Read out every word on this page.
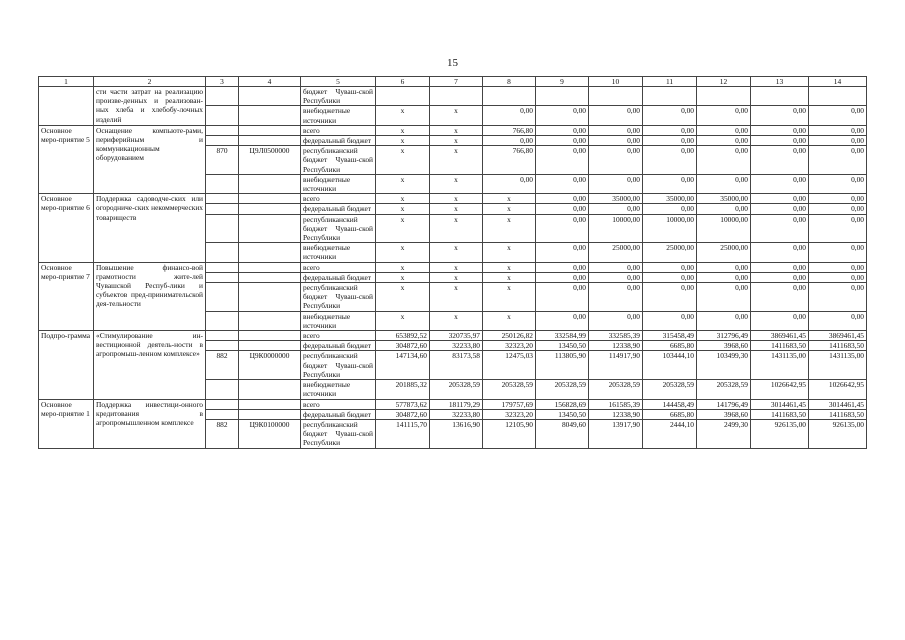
15
1	2	3	4	5	6	7	8	9	10	11	12	13	14
	сти части затрат на реализацию произве-денных и реализован-ных хлеба и хлебобу-лочных изделий			бюджет Чуваш-ской Республики									
				внебюджетные источники	x	x	0,00	0,00	0,00	0,00	0,00	0,00	0,00
Основное меро-приятие 5	Оснащение компьюте-рами, периферийным и коммуникационным оборудованием			всего	x	x	766,80	0,00	0,00	0,00	0,00	0,00	0,00
				федеральный бюджет	x	x	0,00	0,00	0,00	0,00	0,00	0,00	0,00
		870	Ц9Л0500000	республиканский бюджет Чуваш-ской Республики	x	x	766,80	0,00	0,00	0,00	0,00	0,00	0,00
				внебюджетные источники	x	x	0,00	0,00	0,00	0,00	0,00	0,00	0,00
Основное меро-приятие 6	Поддержка садоводче-ских или огородниче-ских некоммерческих товариществ			всего	x	x	x	0,00	35000,00	35000,00	35000,00	0,00	0,00
				федеральный бюджет	x	x	x	0,00	0,00	0,00	0,00	0,00	0,00
				республиканский бюджет Чуваш-ской Республики	x	x	x	0,00	10000,00	10000,00	10000,00	0,00	0,00
				внебюджетные источники	x	x	x	0,00	25000,00	25000,00	25000,00	0,00	0,00
Основное меро-приятие 7	Повышение финансо-вой грамотности жите-лей Чувашской Респуб-лики и субъектов пред-принимательской дея-тельности			всего	x	x	x	0,00	0,00	0,00	0,00	0,00	0,00
				федеральный бюджет	x	x	x	0,00	0,00	0,00	0,00	0,00	0,00
				республиканский бюджет Чуваш-ской Республики	x	x	x	0,00	0,00	0,00	0,00	0,00	0,00
				внебюджетные источники	x	x	x	0,00	0,00	0,00	0,00	0,00	0,00
Подпро-грамма	«Стимулирование ин-вестиционной деятель-ности в агропромыш-ленном комплексе»			всего	653892,52	320735,97	250126,82	332584,99	332585,39	315458,49	312796,49	3869461,45	3869461,45
				федеральный бюджет	304872,60	32233,80	32323,20	13450,50	12338,90	6685,80	3968,60	1411683,50	1411683,50
		882	Ц9К0000000	республиканский бюджет Чуваш-ской Республики	147134,60	83173,58	12475,03	113805,90	114917,90	103444,10	103499,30	1431135,00	1431135,00
				внебюджетные источники	201885,32	205328,59	205328,59	205328,59	205328,59	205328,59	205328,59	1026642,95	1026642,95
Основное меро-приятие 1	Поддержка инвестици-онного кредитования в агропромышленном комплексе			всего	577873,62	181179,29	179757,69	156828,69	161585,39	144458,49	141796,49	3014461,45	3014461,45
				федеральный бюджет	304872,60	32233,80	32323,20	13450,50	12338,90	6685,80	3968,60	1411683,50	1411683,50
		882	Ц9К0100000	республиканский бюджет Чуваш-ской Республики	141115,70	13616,90	12105,90	8049,60	13917,90	2444,10	2499,30	926135,00	926135,00
